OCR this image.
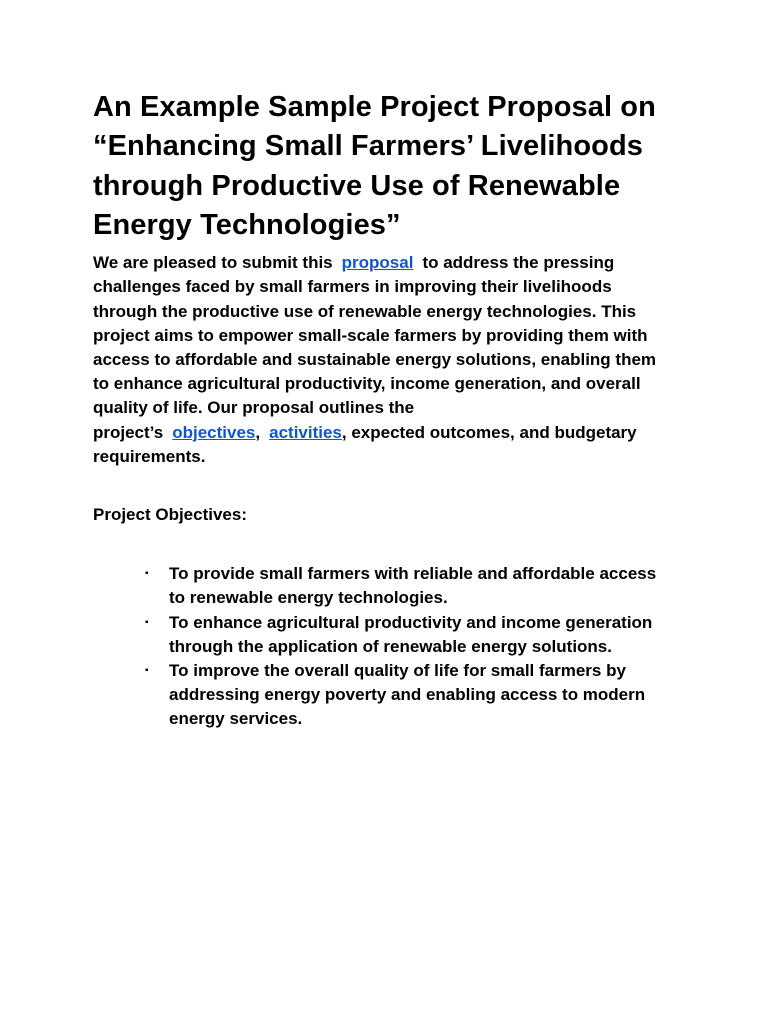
An Example Sample Project Proposal on “Enhancing Small Farmers’ Livelihoods through Productive Use of Renewable Energy Technologies”

We are pleased to submit this proposal to address the pressing challenges faced by small farmers in improving their livelihoods through the productive use of renewable energy technologies. This project aims to empower small-scale farmers by providing them with access to affordable and sustainable energy solutions, enabling them to enhance agricultural productivity, income generation, and overall quality of life. Our proposal outlines the
project’s objectives, activities, expected outcomes, and budgetary requirements.

Project Objectives:

▪ To provide small farmers with reliable and affordable access to renewable energy technologies.
▪ To enhance agricultural productivity and income generation through the application of renewable energy solutions.
▪ To improve the overall quality of life for small farmers by addressing energy poverty and enabling access to modern energy services.
